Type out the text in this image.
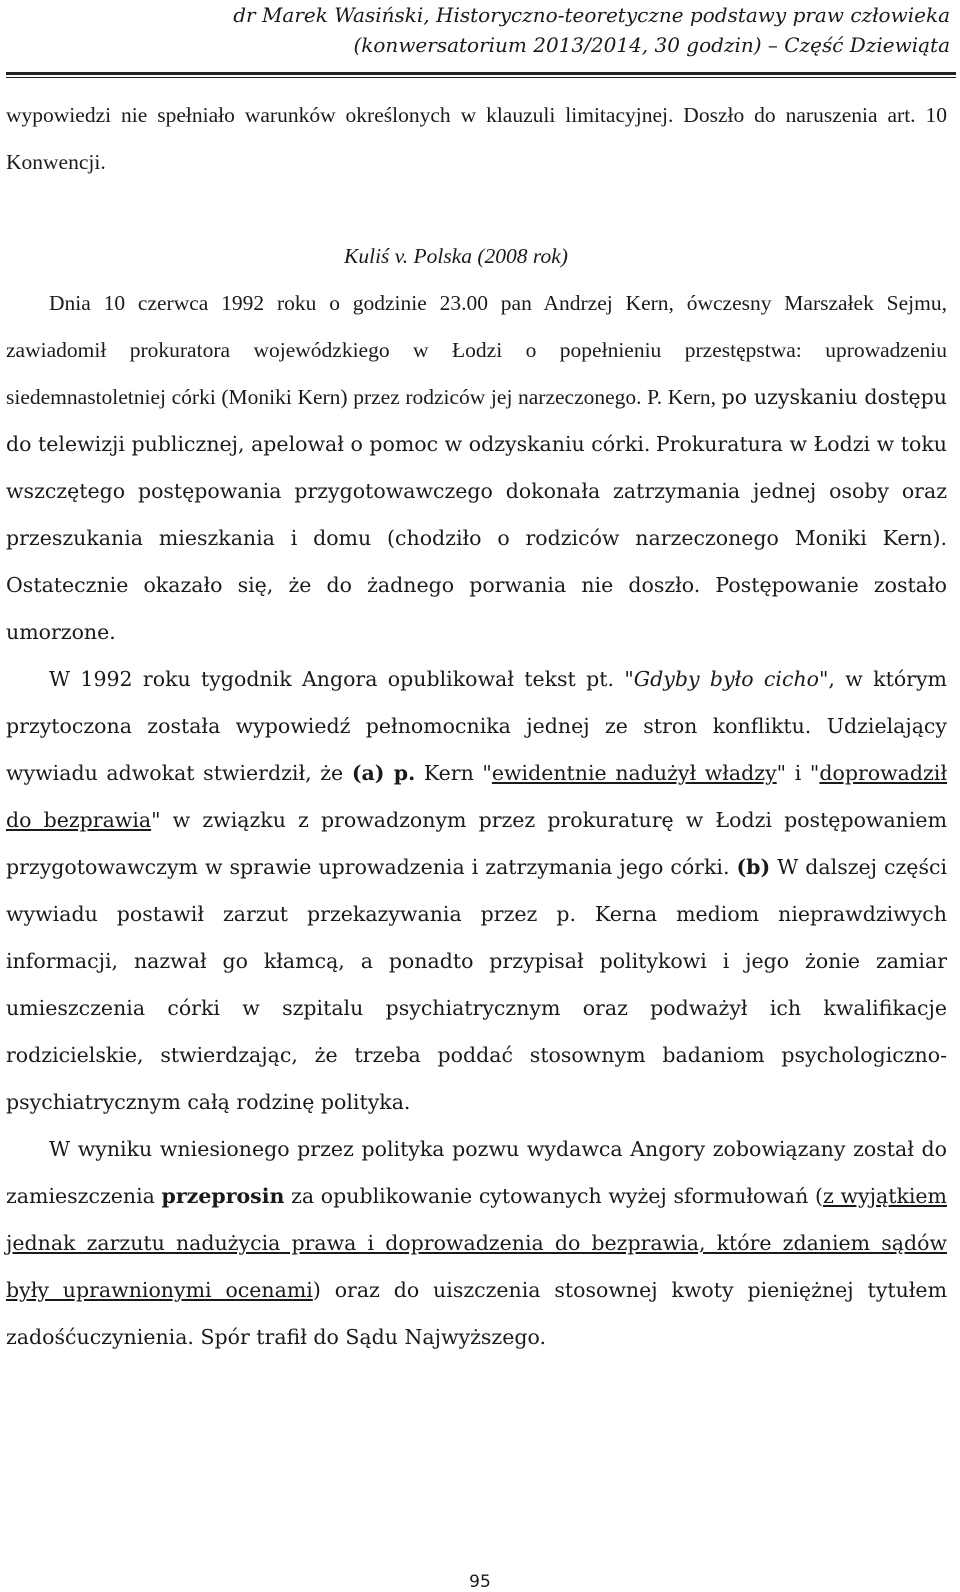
dr Marek Wasiński, Historyczno-teoretyczne podstawy praw człowieka
(konwersatorium 2013/2014, 30 godzin) – Część Dziewiąta

wypowiedzi nie spełniało warunków określonych w klauzuli limitacyjnej. Doszło do naruszenia art. 10 Konwencji.

Kuliś v. Polska (2008 rok)

Dnia 10 czerwca 1992 roku o godzinie 23.00 pan Andrzej Kern, ówczesny Marszałek Sejmu, zawiadomił prokuratora wojewódzkiego w Łodzi o popełnieniu przestępstwa: uprowadzeniu siedemnastoletniej córki (Moniki Kern) przez rodziców jej narzeczonego. P. Kern, po uzyskaniu dostępu do telewizji publicznej, apelował o pomoc w odzyskaniu córki. Prokuratura w Łodzi w toku wszczętego postępowania przygotowawczego dokonała zatrzymania jednej osoby oraz przeszukania mieszkania i domu (chodziło o rodziców narzeczonego Moniki Kern). Ostatecznie okazało się, że do żadnego porwania nie doszło. Postępowanie zostało umorzone.

W 1992 roku tygodnik Angora opublikował tekst pt. "Gdyby było cicho", w którym przytoczona została wypowiedź pełnomocnika jednej ze stron konfliktu. Udzielający wywiadu adwokat stwierdził, że (a) p. Kern "ewidentnie nadużył władzy" i "doprowadził do bezprawia" w związku z prowadzonym przez prokuraturę w Łodzi postępowaniem przygotowawczym w sprawie uprowadzenia i zatrzymania jego córki. (b) W dalszej części wywiadu postawił zarzut przekazywania przez p. Kerna mediom nieprawdziwych informacji, nazwał go kłamcą, a ponadto przypisał politykowi i jego żonie zamiar umieszczenia córki w szpitalu psychiatrycznym oraz podważył ich kwalifikacje rodzicielskie, stwierdzając, że trzeba poddać stosownym badaniom psychologiczno-psychiatrycznym całą rodzinę polityka.

W wyniku wniesionego przez polityka pozwu wydawca Angory zobowiązany został do zamieszczenia przeprosin za opublikowanie cytowanych wyżej sformułowań (z wyjątkiem jednak zarzutu nadużycia prawa i doprowadzenia do bezprawia, które zdaniem sądów były uprawnionymi ocenami) oraz do uiszczenia stosownej kwoty pieniężnej tytułem zadośćuczynienia. Spór trafił do Sądu Najwyższego.

95
